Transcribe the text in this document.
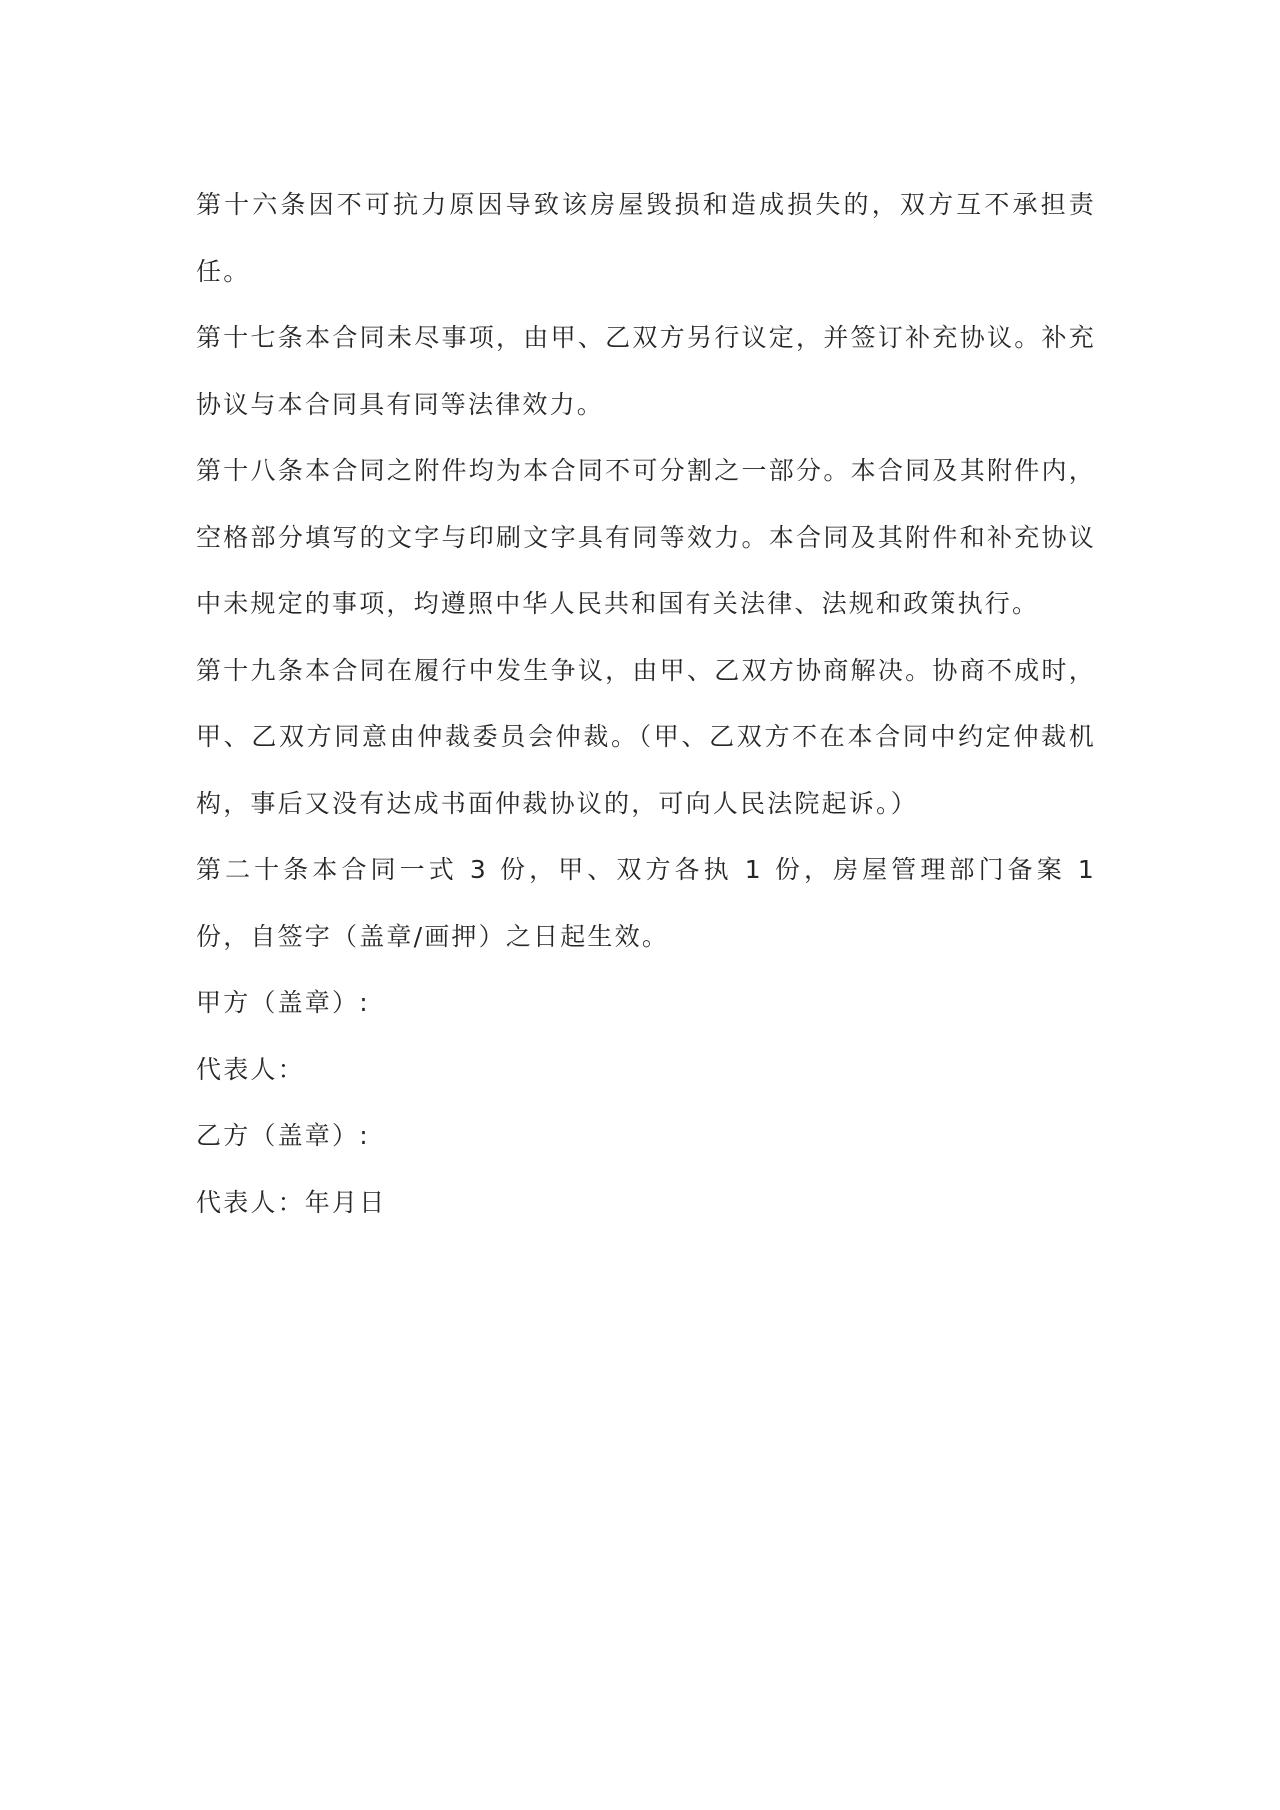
第十六条因不可抗力原因导致该房屋毁损和造成损失的，双方互不承担责任。

第十七条本合同未尽事项，由甲、乙双方另行议定，并签订补充协议。补充协议与本合同具有同等法律效力。

第十八条本合同之附件均为本合同不可分割之一部分。本合同及其附件内，空格部分填写的文字与印刷文字具有同等效力。本合同及其附件和补充协议中未规定的事项，均遵照中华人民共和国有关法律、法规和政策执行。

第十九条本合同在履行中发生争议，由甲、乙双方协商解决。协商不成时，甲、乙双方同意由仲裁委员会仲裁。（甲、乙双方不在本合同中约定仲裁机构，事后又没有达成书面仲裁协议的，可向人民法院起诉。）

第二十条本合同一式 3 份，甲、双方各执 1 份，房屋管理部门备案 1 份，自签字（盖章/画押）之日起生效。

甲方（盖章）:

代表人：

乙方（盖章）:

代表人：年月日
